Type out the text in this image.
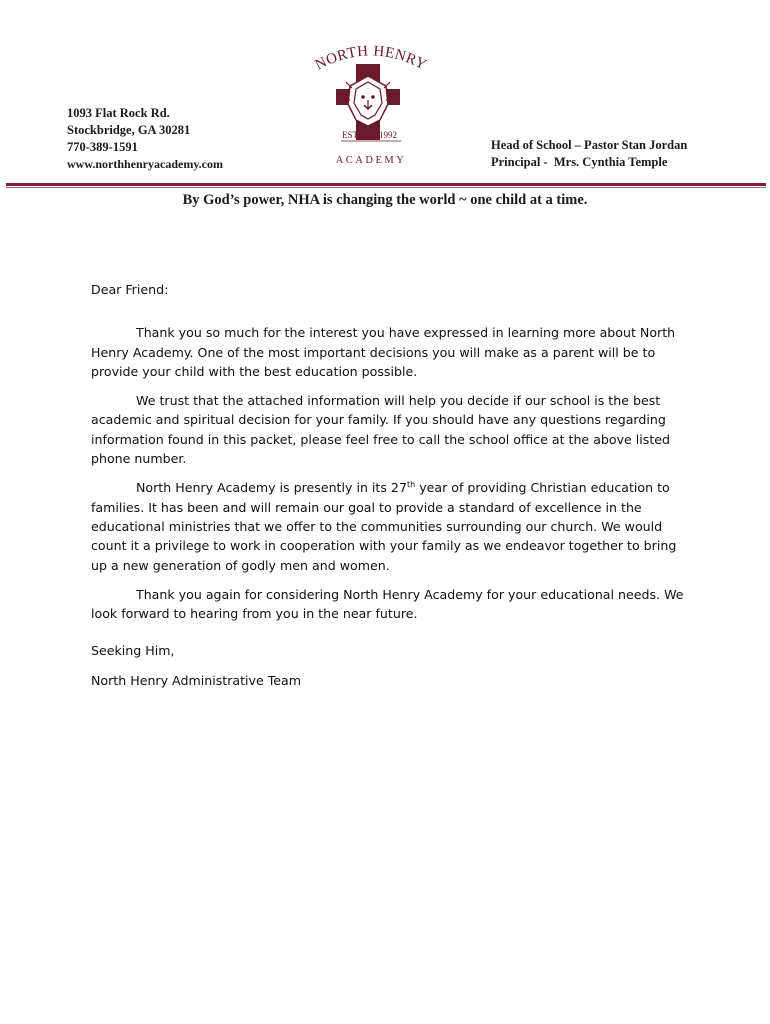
1093 Flat Rock Rd.
Stockbridge, GA 30281
770-389-1591
www.northhenryacademy.com
NORTH HENRY
EST. 1992
ACADEMY
Head of School – Pastor Stan Jordan
Principal -  Mrs. Cynthia Temple
By God’s power, NHA is changing the world ~ one child at a time.

Dear Friend:

Thank you so much for the interest you have expressed in learning more about North Henry Academy. One of the most important decisions you will make as a parent will be to provide your child with the best education possible.

We trust that the attached information will help you decide if our school is the best academic and spiritual decision for your family. If you should have any questions regarding information found in this packet, please feel free to call the school office at the above listed phone number.

North Henry Academy is presently in its 27th year of providing Christian education to families. It has been and will remain our goal to provide a standard of excellence in the educational ministries that we offer to the communities surrounding our church. We would count it a privilege to work in cooperation with your family as we endeavor together to bring up a new generation of godly men and women.

Thank you again for considering North Henry Academy for your educational needs. We look forward to hearing from you in the near future.

Seeking Him,

North Henry Administrative Team
